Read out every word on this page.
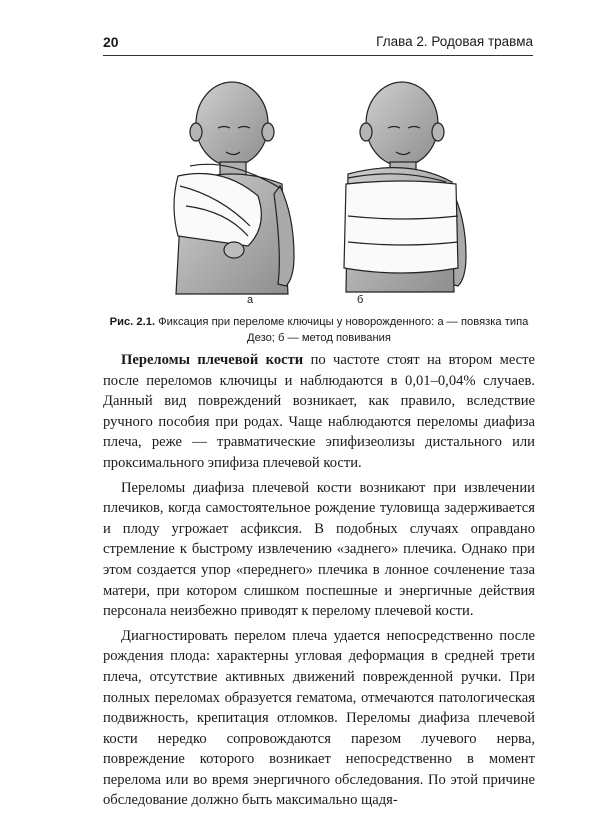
20	Глава 2. Родовая травма
а	б
Рис. 2.1. Фиксация при переломе ключицы у новорожденного: а — повязка типа Дезо; б — метод повивания

Переломы плечевой кости по частоте стоят на втором месте после переломов ключицы и наблюдаются в 0,01–0,04% случаев. Данный вид повреждений возникает, как правило, вследствие ручного пособия при родах. Чаще наблюдаются переломы диафиза плеча, реже — травматические эпифизеолизы дистального или проксимального эпифиза плечевой кости.

Переломы диафиза плечевой кости возникают при извлечении плечиков, когда самостоятельное рождение туловища задерживается и плоду угрожает асфиксия. В подобных случаях оправдано стремление к быстрому извлечению «заднего» плечика. Однако при этом создается упор «переднего» плечика в лонное сочленение таза матери, при котором слишком поспешные и энергичные действия персонала неизбежно приводят к перелому плечевой кости.

Диагностировать перелом плеча удается непосредственно после рождения плода: характерны угловая деформация в средней трети плеча, отсутствие активных движений поврежденной ручки. При полных переломах образуется гематома, отмечаются патологическая подвижность, крепитация отломков. Переломы диафиза плечевой кости нередко сопровождаются парезом лучевого нерва, повреждение которого возникает непосредственно в момент перелома или во время энергичного обследования. По этой причине обследование должно быть максимально щадя-
